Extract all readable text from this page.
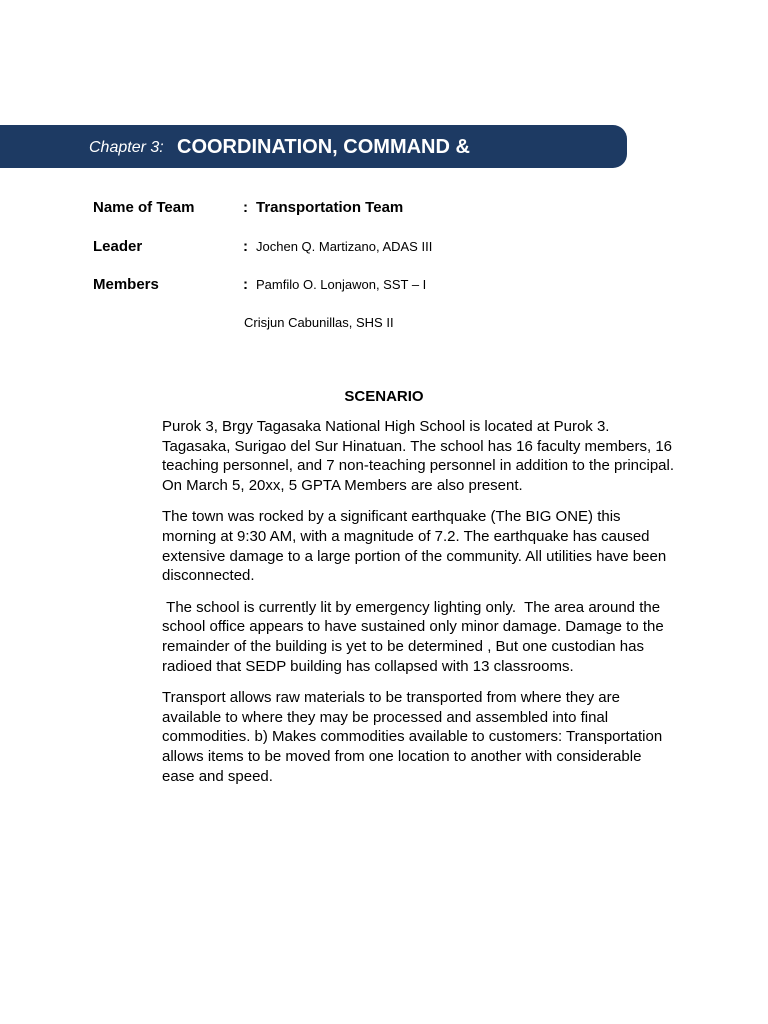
Chapter 3: COORDINATION, COMMAND &
Name of Team	: Transportation Team
Leader	: Jochen Q. Martizano, ADAS III
Members	: Pamfilo O. Lonjawon, SST – I
Crisjun Cabunillas, SHS II
SCENARIO

Purok 3, Brgy Tagasaka National High School is located at Purok 3. Tagasaka, Surigao del Sur Hinatuan. The school has 16 faculty members, 16 teaching personnel, and 7 non-teaching personnel in addition to the principal. On March 5, 20xx, 5 GPTA Members are also present.

The town was rocked by a significant earthquake (The BIG ONE) this morning at 9:30 AM, with a magnitude of 7.2. The earthquake has caused extensive damage to a large portion of the community. All utilities have been disconnected.

The school is currently lit by emergency lighting only.  The area around the school office appears to have sustained only minor damage. Damage to the remainder of the building is yet to be determined , But one custodian has radioed that SEDP building has collapsed with 13 classrooms.

Transport allows raw materials to be transported from where they are available to where they may be processed and assembled into final commodities. b) Makes commodities available to customers: Transportation allows items to be moved from one location to another with considerable ease and speed.
